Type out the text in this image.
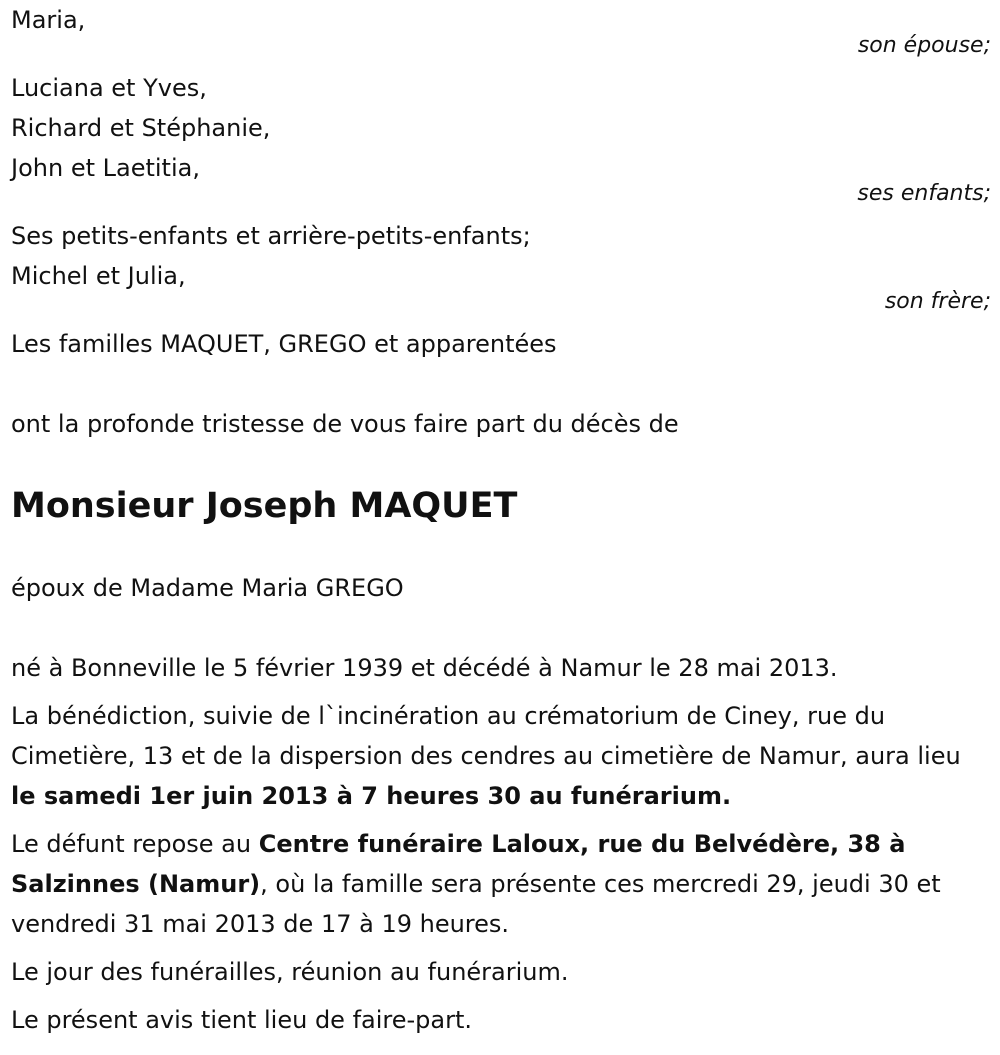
Maria,
son épouse;
Luciana et Yves,
Richard et Stéphanie,
John et Laetitia,
ses enfants;
Ses petits-enfants et arrière-petits-enfants;
Michel et Julia,
son frère;
Les familles MAQUET, GREGO et apparentées
ont la profonde tristesse de vous faire part du décès de
Monsieur Joseph MAQUET
époux de Madame Maria GREGO
né à Bonneville le 5 février 1939 et décédé à Namur le 28 mai 2013.
La bénédiction, suivie de l`incinération au crématorium de Ciney, rue du Cimetière, 13 et de la dispersion des cendres au cimetière de Namur, aura lieu le samedi 1er juin 2013 à 7 heures 30 au funérarium.
Le défunt repose au Centre funéraire Laloux, rue du Belvédère, 38 à Salzinnes (Namur), où la famille sera présente ces mercredi 29, jeudi 30 et vendredi 31 mai 2013 de 17 à 19 heures.
Le jour des funérailles, réunion au funérarium.
Le présent avis tient lieu de faire-part.
